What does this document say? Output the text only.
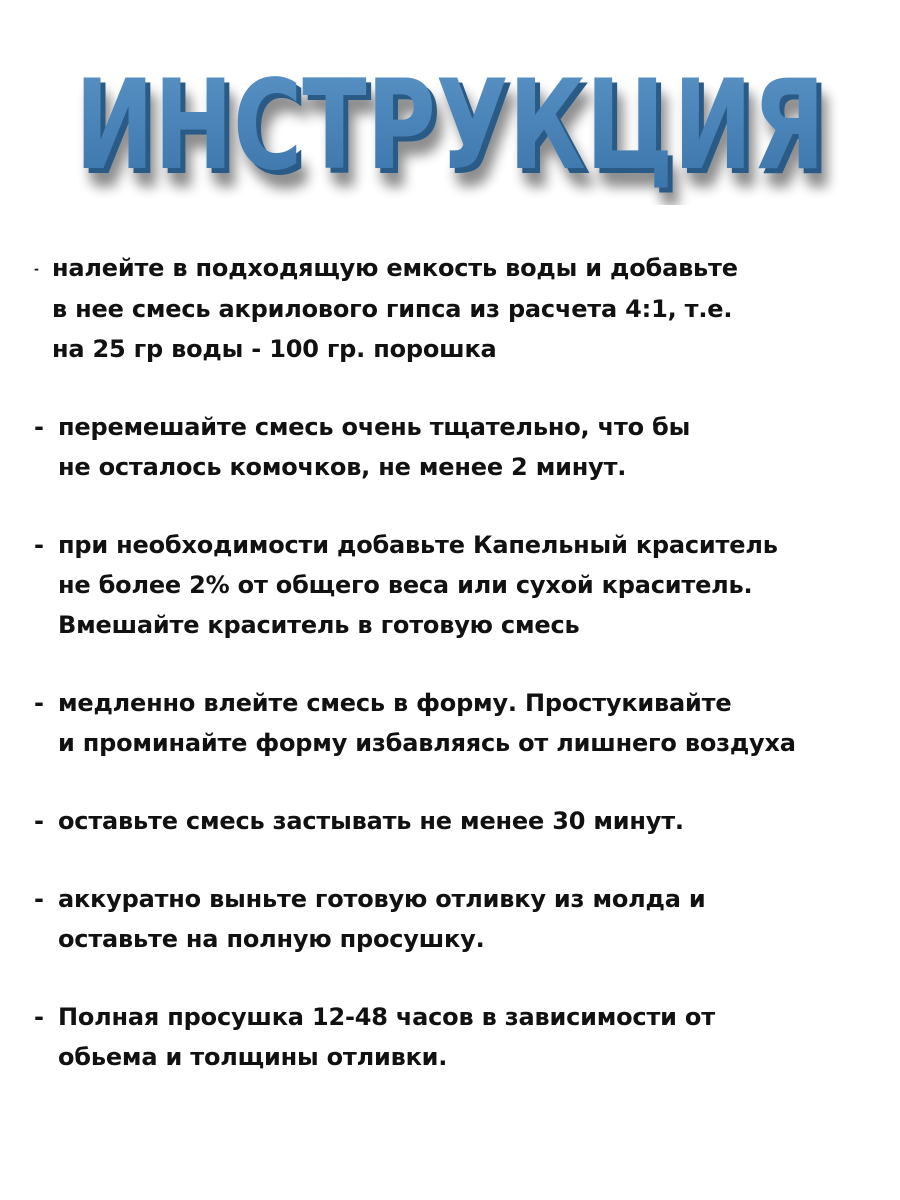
ИНСТРУКЦИЯ
ИНСТРУКЦИЯ
- налейте в подходящую емкость воды и добавьте
в нее смесь акрилового гипса из расчета 4:1, т.е.
на 25 гр воды - 100 гр. порошка
- перемешайте смесь очень тщательно, что бы
не осталось комочков, не менее 2 минут.
- при необходимости добавьте Капельный краситель
не более 2% от общего веса или сухой краситель.
Вмешайте краситель в готовую смесь
- медленно влейте смесь в форму. Простукивайте
и проминайте форму избавляясь от лишнего воздуха
- оставьте смесь застывать не менее 30 минут.
- аккуратно выньте готовую отливку из молда и
оставьте на полную просушку.
- Полная просушка 12-48 часов в зависимости от
обьема и толщины отливки.
